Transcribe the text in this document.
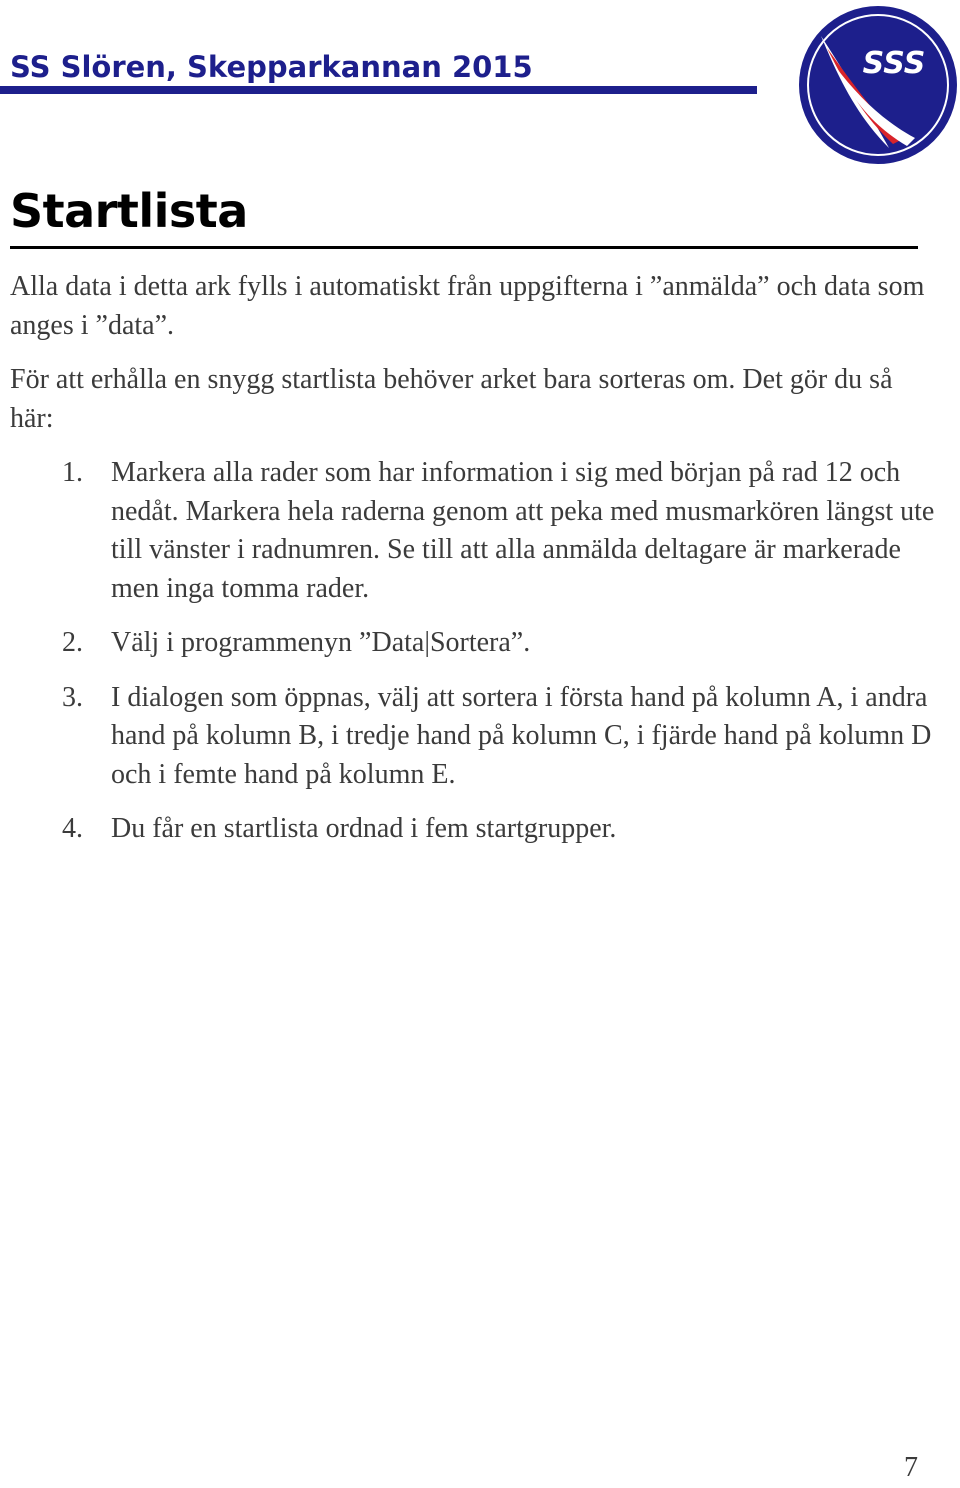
SS Slören, Skepparkannan 2015	SSS
Startlista

Alla data i detta ark fylls i automatiskt från uppgifterna i ”anmälda” och data som anges i ”data”.

För att erhålla en snygg startlista behöver arket bara sorteras om. Det gör du så här:

1. Markera alla rader som har information i sig med början på rad 12 och nedåt. Markera hela raderna genom att peka med musmarkören längst ute till vänster i radnumren. Se till att alla anmälda deltagare är markerade men inga tomma rader.
2. Välj i programmenyn ”Data|Sortera”.
3. I dialogen som öppnas, välj att sortera i första hand på kolumn A, i andra hand på kolumn B, i tredje hand på kolumn C, i fjärde hand på kolumn D och i femte hand på kolumn E.
4. Du får en startlista ordnad i fem startgrupper.
7
